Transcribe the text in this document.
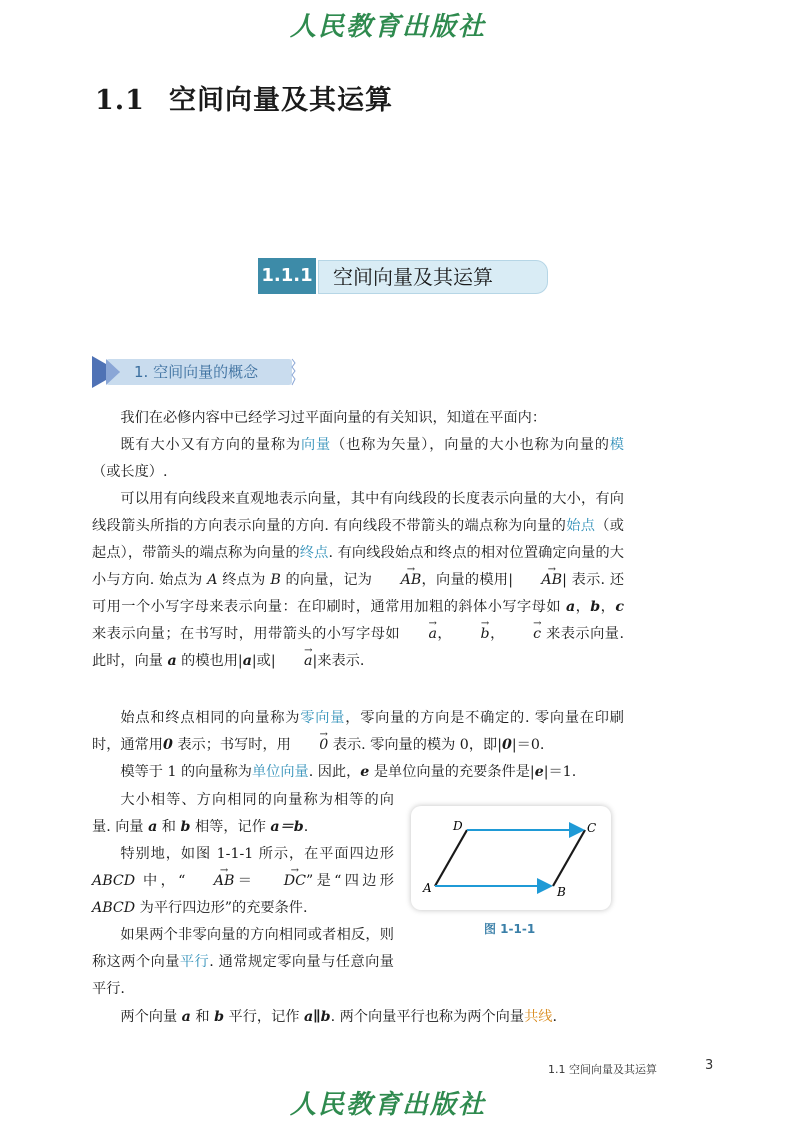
人民教育出版社
1.1 空间向量及其运算
1.1.1 空间向量及其运算
1. 空间向量的概念
我们在必修内容中已经学习过平面向量的有关知识，知道在平面内：
既有大小又有方向的量称为向量（也称为矢量），向量的大小也称为向量的模（或长度）.
可以用有向线段来直观地表示向量，其中有向线段的长度表示向量的大小，有向线段箭头所指的方向表示向量的方向. 有向线段不带箭头的端点称为向量的始点（或起点），带箭头的端点称为向量的终点. 有向线段始点和终点的相对位置确定向量的大小与方向. 始点为 A 终点为 B 的向量，记为 → AB，向量的模用| → AB| 表示. 还可用一个小写字母来表示向量：在印刷时，通常用加粗的斜体小写字母如 a，b，c 来表示向量；在书写时，用带箭头的小写字母如 → a， → b， → c 来表示向量. 此时，向量 a 的模也用|a|或| → a|来表示.
始点和终点相同的向量称为零向量，零向量的方向是不确定的. 零向量在印刷时，通常用0 表示；书写时，用 → 0 表示. 零向量的模为 0，即|0|＝0.
模等于 1 的向量称为单位向量. 因此，e 是单位向量的充要条件是|e|＝1.
大小相等、方向相同的向量称为相等的向量. 向量 a 和 b 相等，记作 a＝b.
特别地，如图 1-1-1 所示，在平面四边形 ABCD 中，“ → AB＝ → DC”是“四边形 ABCD 为平行四边形”的充要条件.
如果两个非零向量的方向相同或者相反，则称这两个向量平行. 通常规定零向量与任意向量平行.
两个向量 a 和 b 平行，记作 a∥b. 两个向量平行也称为两个向量共线.
A	B
C
D
图 1-1-1
1.1 空间向量及其运算	3
人民教育出版社
